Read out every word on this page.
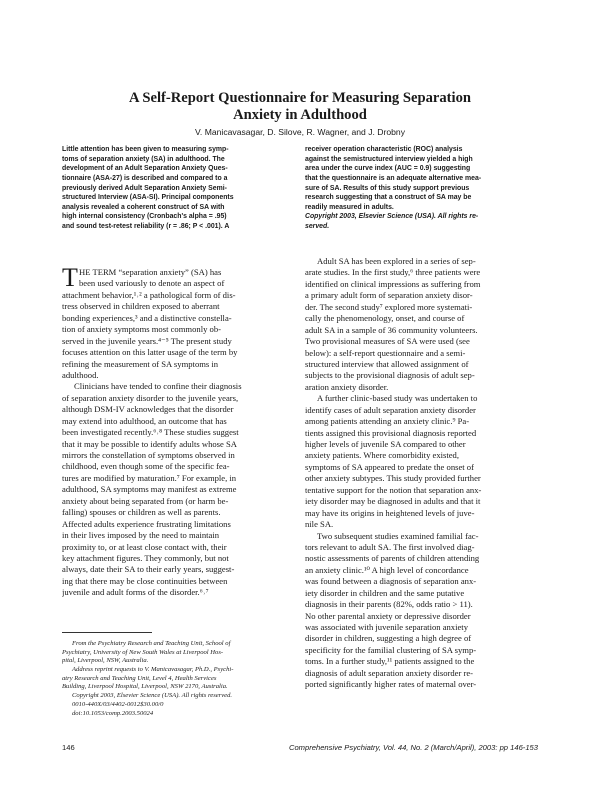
A Self-Report Questionnaire for Measuring Separation
Anxiety in Adulthood
V. Manicavasagar, D. Silove, R. Wagner, and J. Drobny
Little attention has been given to measuring symp-
toms of separation anxiety (SA) in adulthood. The
development of an Adult Separation Anxiety Ques-
tionnaire (ASA-27) is described and compared to a
previously derived Adult Separation Anxiety Semi-
structured Interview (ASA-SI). Principal components
analysis revealed a coherent construct of SA with
high internal consistency (Cronbach's alpha = .95)
and sound test-retest reliability (r = .86; P < .001). A
receiver operation characteristic (ROC) analysis
against the semistructured interview yielded a high
area under the curve index (AUC = 0.9) suggesting
that the questionnaire is an adequate alternative mea-
sure of SA. Results of this study support previous
research suggesting that a construct of SA may be
readily measured in adults.
Copyright 2003, Elsevier Science (USA). All rights re-
served.
T HE TERM “separation anxiety” (SA) has
been used variously to denote an aspect of
attachment behavior,¹˒² a pathological form of dis-
tress observed in children exposed to aberrant
bonding experiences,³ and a distinctive constella-
tion of anxiety symptoms most commonly ob-
served in the juvenile years.⁴⁻⁵ The present study
focuses attention on this latter usage of the term by
refining the measurement of SA symptoms in
adulthood.
Clinicians have tended to confine their diagnosis
of separation anxiety disorder to the juvenile years,
although DSM-IV acknowledges that the disorder
may extend into adulthood, an outcome that has
been investigated recently.⁶˒⁸ These studies suggest
that it may be possible to identify adults whose SA
mirrors the constellation of symptoms observed in
childhood, even though some of the specific fea-
tures are modified by maturation.⁷ For example, in
adulthood, SA symptoms may manifest as extreme
anxiety about being separated from (or harm be-
falling) spouses or children as well as parents.
Affected adults experience frustrating limitations
in their lives imposed by the need to maintain
proximity to, or at least close contact with, their
key attachment figures. They commonly, but not
always, date their SA to their early years, suggest-
ing that there may be close continuities between
juvenile and adult forms of the disorder.⁶˒⁷
Adult SA has been explored in a series of sep-
arate studies. In the first study,⁶ three patients were
identified on clinical impressions as suffering from
a primary adult form of separation anxiety disor-
der. The second study⁷ explored more systemati-
cally the phenomenology, onset, and course of
adult SA in a sample of 36 community volunteers.
Two provisional measures of SA were used (see
below): a self-report questionnaire and a semi-
structured interview that allowed assignment of
subjects to the provisional diagnosis of adult sep-
aration anxiety disorder.
A further clinic-based study was undertaken to
identify cases of adult separation anxiety disorder
among patients attending an anxiety clinic.⁹ Pa-
tients assigned this provisional diagnosis reported
higher levels of juvenile SA compared to other
anxiety patients. Where comorbidity existed,
symptoms of SA appeared to predate the onset of
other anxiety subtypes. This study provided further
tentative support for the notion that separation anx-
iety disorder may be diagnosed in adults and that it
may have its origins in heightened levels of juve-
nile SA.
Two subsequent studies examined familial fac-
tors relevant to adult SA. The first involved diag-
nostic assessments of parents of children attending
an anxiety clinic.¹⁰ A high level of concordance
was found between a diagnosis of separation anx-
iety disorder in children and the same putative
diagnosis in their parents (82%, odds ratio > 11).
No other parental anxiety or depressive disorder
was associated with juvenile separation anxiety
disorder in children, suggesting a high degree of
specificity for the familial clustering of SA symp-
toms. In a further study,¹¹ patients assigned to the
diagnosis of adult separation anxiety disorder re-
ported significantly higher rates of maternal over-
From the Psychiatry Research and Teaching Unit, School of
Psychiatry, University of New South Wales at Liverpool Hos-
pital, Liverpool, NSW, Australia.
Address reprint requests to V. Manicavasagar, Ph.D., Psychi-
atry Research and Teaching Unit, Level 4, Health Services
Building, Liverpool Hospital, Liverpool, NSW 2170, Australia.
Copyright 2003, Elsevier Science (USA). All rights reserved.
0010-440X/03/4402-0012$30.00/0
doi:10.1053/comp.2003.50024
146	Comprehensive Psychiatry, Vol. 44, No. 2 (March/April), 2003: pp 146-153
